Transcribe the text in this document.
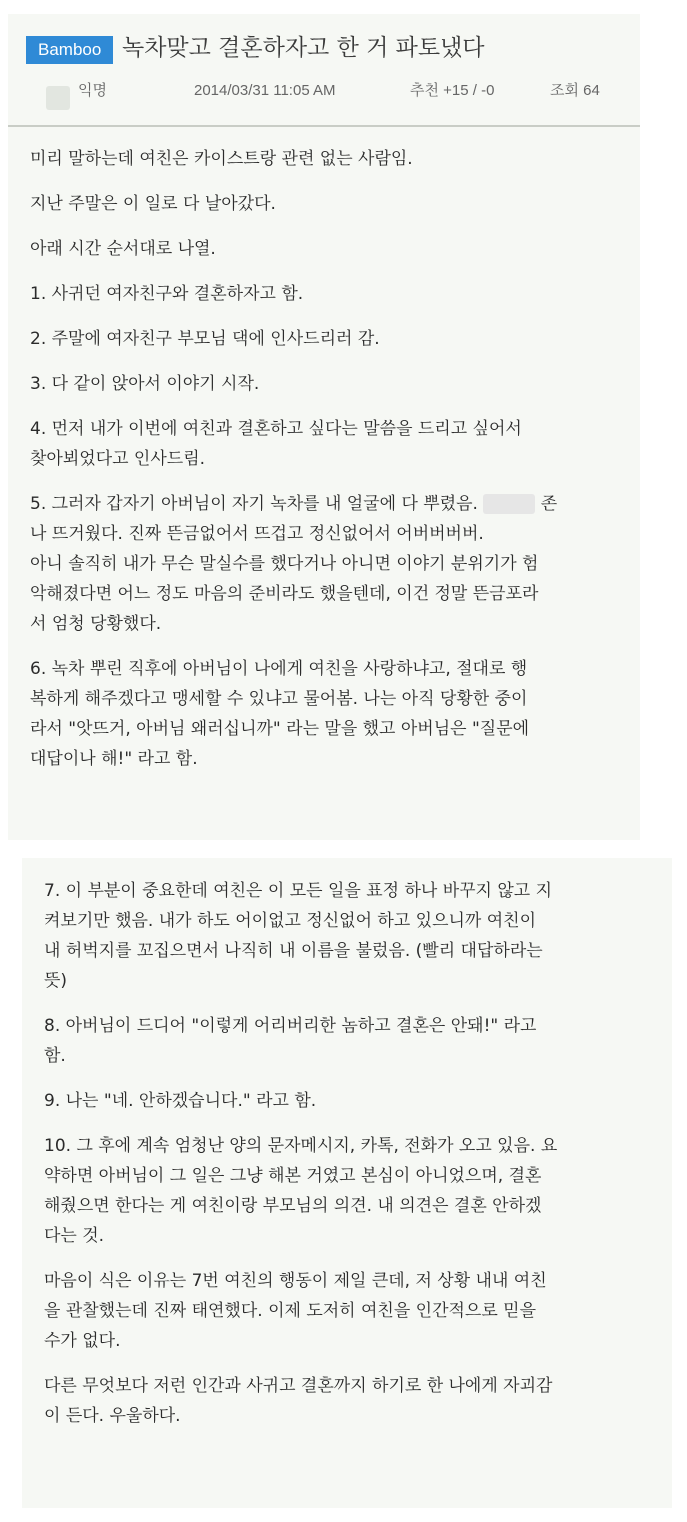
Bamboo 녹차맞고 결혼하자고 한 거 파토냈다
익명	2014/03/31 11:05 AM	추천 +15 / -0	조회 64

미리 말하는데 여친은 카이스트랑 관련 없는 사람임.

지난 주말은 이 일로 다 날아갔다.

아래 시간 순서대로 나열.

1. 사귀던 여자친구와 결혼하자고 함.

2. 주말에 여자친구 부모님 댁에 인사드리러 감.

3. 다 같이 앉아서 이야기 시작.

4. 먼저 내가 이번에 여친과 결혼하고 싶다는 말씀을 드리고 싶어서
찾아뵈었다고 인사드림.

5. 그러자 갑자기 아버님이 자기 녹차를 내 얼굴에 다 뿌렸음.	존
나 뜨거웠다. 진짜 뜬금없어서 뜨겁고 정신없어서 어버버버버.
아니 솔직히 내가 무슨 말실수를 했다거나 아니면 이야기 분위기가 험
악해졌다면 어느 정도 마음의 준비라도 했을텐데, 이건 정말 뜬금포라
서 엄청 당황했다.

6. 녹차 뿌린 직후에 아버님이 나에게 여친을 사랑하냐고, 절대로 행
복하게 해주겠다고 맹세할 수 있냐고 물어봄. 나는 아직 당황한 중이
라서 "앗뜨거, 아버님 왜러십니까" 라는 말을 했고 아버님은 "질문에
대답이나 해!" 라고 함.

7. 이 부분이 중요한데 여친은 이 모든 일을 표정 하나 바꾸지 않고 지
켜보기만 했음. 내가 하도 어이없고 정신없어 하고 있으니까 여친이
내 허벅지를 꼬집으면서 나직히 내 이름을 불렀음. (빨리 대답하라는
뜻)

8. 아버님이 드디어 "이렇게 어리버리한 놈하고 결혼은 안돼!" 라고
함.

9. 나는 "네. 안하겠습니다." 라고 함.

10. 그 후에 계속 엄청난 양의 문자메시지, 카톡, 전화가 오고 있음. 요
약하면 아버님이 그 일은 그냥 해본 거였고 본심이 아니었으며, 결혼
해줬으면 한다는 게 여친이랑 부모님의 의견. 내 의견은 결혼 안하겠
다는 것.

마음이 식은 이유는 7번 여친의 행동이 제일 큰데, 저 상황 내내 여친
을 관찰했는데 진짜 태연했다. 이제 도저히 여친을 인간적으로 믿을
수가 없다.

다른 무엇보다 저런 인간과 사귀고 결혼까지 하기로 한 나에게 자괴감
이 든다. 우울하다.
